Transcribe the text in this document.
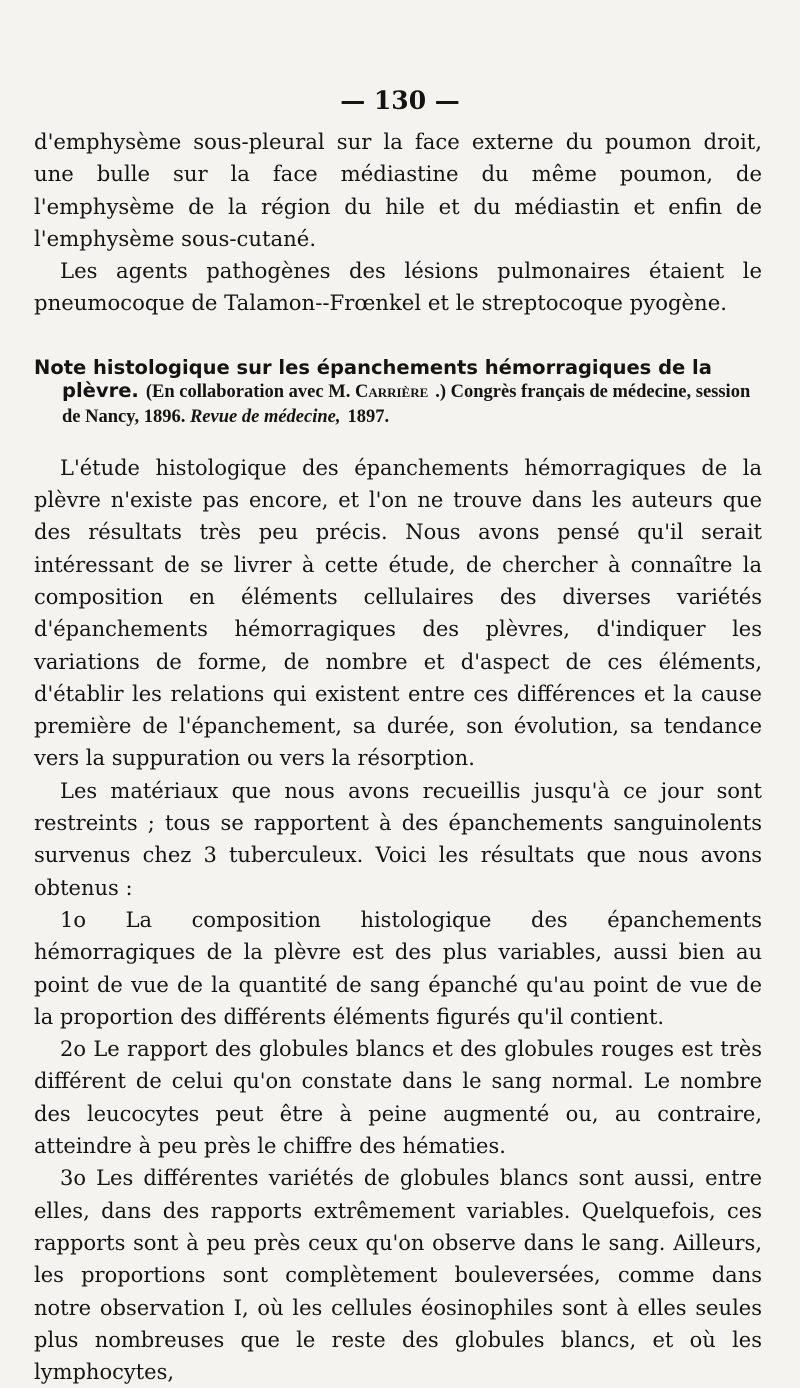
— 130 —

d'emphysème sous-pleural sur la face externe du poumon droit, une bulle sur la face médiastine du même poumon, de l'emphysème de la région du hile et du médiastin et enfin de l'emphysème sous-cutané.

Les agents pathogènes des lésions pulmonaires étaient le pneumocoque de Talamon--Frœnkel et le streptocoque pyogène.

Note histologique sur les épanchements hémorragiques de la plèvre. (En collaboration avec M. Carrière .) Congrès français de médecine, session de Nancy, 1896. Revue de médecine, 1897.

L'étude histologique des épanchements hémorragiques de la plèvre n'existe pas encore, et l'on ne trouve dans les auteurs que des résultats très peu précis. Nous avons pensé qu'il serait intéressant de se livrer à cette étude, de chercher à connaître la composition en éléments cellulaires des diverses variétés d'épanchements hémorragiques des plèvres, d'indiquer les variations de forme, de nombre et d'aspect de ces éléments, d'établir les relations qui existent entre ces différences et la cause première de l'épanchement, sa durée, son évolution, sa tendance vers la suppuration ou vers la résorption.

Les matériaux que nous avons recueillis jusqu'à ce jour sont restreints ; tous se rapportent à des épanchements sanguinolents survenus chez 3 tuberculeux. Voici les résultats que nous avons obtenus :

1o La composition histologique des épanchements hémorragiques de la plèvre est des plus variables, aussi bien au point de vue de la quantité de sang épanché qu'au point de vue de la proportion des différents éléments figurés qu'il contient.

2o Le rapport des globules blancs et des globules rouges est très différent de celui qu'on constate dans le sang normal. Le nombre des leucocytes peut être à peine augmenté ou, au contraire, atteindre à peu près le chiffre des hématies.

3o Les différentes variétés de globules blancs sont aussi, entre elles, dans des rapports extrêmement variables. Quelquefois, ces rapports sont à peu près ceux qu'on observe dans le sang. Ailleurs, les proportions sont complètement bouleversées, comme dans notre observation I, où les cellules éosinophiles sont à elles seules plus nombreuses que le reste des globules blancs, et où les lymphocytes,
